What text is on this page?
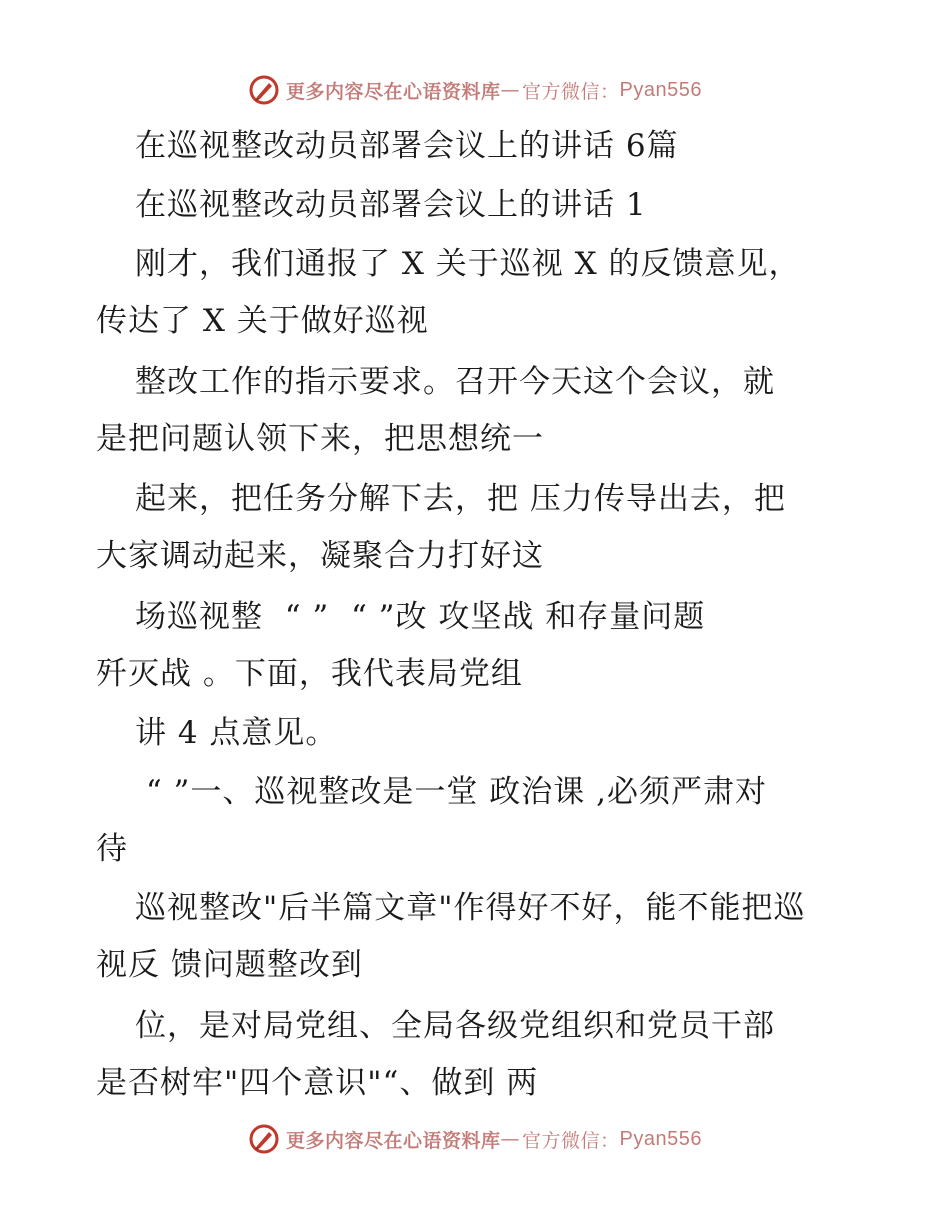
更多内容尽在心语资料库 — 官方微信： Pyan556
在巡视整改动员部署会议上的讲话 6篇
在巡视整改动员部署会议上的讲话 1
刚才，我们通报了 X 关于巡视 X 的反馈意见，
传达了 X 关于做好巡视
整改工作的指示要求。召开今天这个会议，就
是把问题认领下来，把思想统一
起来，把任务分解下去，把 压力传导出去，把
大家调动起来，凝聚合力打好这
场巡视整  “ ”  “ ”改 攻坚战 和存量问题
歼灭战 。下面，我代表局党组
讲 4 点意见。
“ ”一、巡视整改是一堂 政治课 ,必须严肃对
待
巡视整改"后半篇文章"作得好不好，能不能把巡
视反 馈问题整改到
位，是对局党组、全局各级党组织和党员干部
是否树牢"四个意识"“、做到 两
更多内容尽在心语资料库 — 官方微信： Pyan556
